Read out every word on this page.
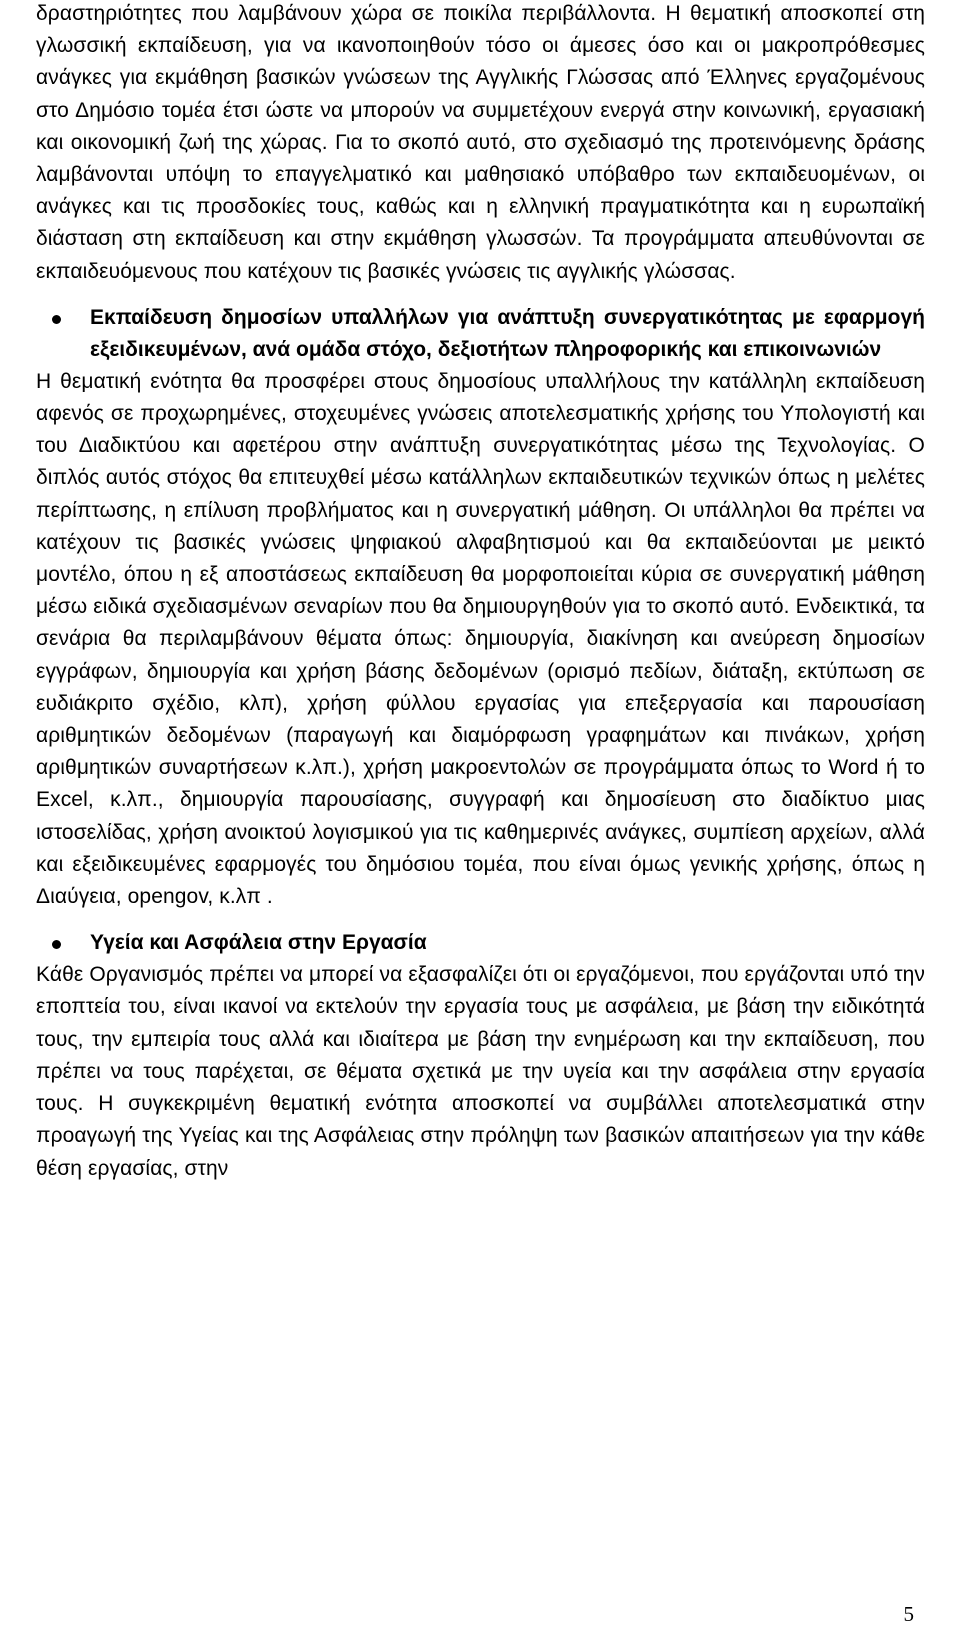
δραστηριότητες που λαμβάνουν χώρα σε ποικίλα περιβάλλοντα. Η θεματική αποσκοπεί στη γλωσσική εκπαίδευση, για να ικανοποιηθούν τόσο οι άμεσες όσο και οι μακροπρόθεσμες ανάγκες για εκμάθηση βασικών γνώσεων της Αγγλικής Γλώσσας από Έλληνες εργαζομένους στο Δημόσιο τομέα έτσι ώστε να μπορούν να συμμετέχουν ενεργά στην κοινωνική, εργασιακή και οικονομική ζωή της χώρας. Για το σκοπό αυτό, στο σχεδιασμό της προτεινόμενης δράσης λαμβάνονται υπόψη το επαγγελματικό και μαθησιακό υπόβαθρο των εκπαιδευομένων, οι ανάγκες και τις προσδοκίες τους, καθώς και η ελληνική πραγματικότητα και η ευρωπαϊκή διάσταση στη εκπαίδευση και στην εκμάθηση γλωσσών. Τα προγράμματα απευθύνονται σε εκπαιδευόμενους που κατέχουν τις βασικές γνώσεις τις αγγλικής γλώσσας.

Εκπαίδευση δημοσίων υπαλλήλων για ανάπτυξη συνεργατικότητας με εφαρμογή εξειδικευμένων, ανά ομάδα στόχο, δεξιοτήτων πληροφορικής και επικοινωνιών

Η θεματική ενότητα θα προσφέρει στους δημοσίους υπαλλήλους την κατάλληλη εκπαίδευση αφενός σε προχωρημένες, στοχευμένες γνώσεις αποτελεσματικής χρήσης του Υπολογιστή και του Διαδικτύου και αφετέρου στην ανάπτυξη συνεργατικότητας μέσω της Τεχνολογίας. Ο διπλός αυτός στόχος θα επιτευχθεί μέσω κατάλληλων εκπαιδευτικών τεχνικών όπως η μελέτες περίπτωσης, η επίλυση προβλήματος και η συνεργατική μάθηση. Οι υπάλληλοι θα πρέπει να κατέχουν τις βασικές γνώσεις ψηφιακού αλφαβητισμού και θα εκπαιδεύονται με μεικτό μοντέλο, όπου η εξ αποστάσεως εκπαίδευση θα μορφοποιείται κύρια σε συνεργατική μάθηση μέσω ειδικά σχεδιασμένων σεναρίων που θα δημιουργηθούν για το σκοπό αυτό. Ενδεικτικά, τα σενάρια θα περιλαμβάνουν θέματα όπως: δημιουργία, διακίνηση και ανεύρεση δημοσίων εγγράφων, δημιουργία και χρήση βάσης δεδομένων (ορισμό πεδίων, διάταξη, εκτύπωση σε ευδιάκριτο σχέδιο, κλπ), χρήση φύλλου εργασίας για επεξεργασία και παρουσίαση αριθμητικών δεδομένων (παραγωγή και διαμόρφωση γραφημάτων και πινάκων, χρήση αριθμητικών συναρτήσεων κ.λπ.), χρήση μακροεντολών σε προγράμματα όπως το Word ή το Excel, κ.λπ., δημιουργία παρουσίασης, συγγραφή και δημοσίευση στο διαδίκτυο μιας ιστοσελίδας, χρήση ανοικτού λογισμικού για τις καθημερινές ανάγκες, συμπίεση αρχείων, αλλά και εξειδικευμένες εφαρμογές του δημόσιου τομέα, που είναι όμως γενικής χρήσης, όπως η Διαύγεια, opengov, κ.λπ .

Υγεία και Ασφάλεια στην Εργασία

Κάθε Οργανισμός πρέπει να μπορεί να εξασφαλίζει ότι οι εργαζόμενοι, που εργάζονται υπό την εποπτεία του, είναι ικανοί να εκτελούν την εργασία τους με ασφάλεια, με βάση την ειδικότητά τους, την εμπειρία τους αλλά και ιδιαίτερα με βάση την ενημέρωση και την εκπαίδευση, που πρέπει να τους παρέχεται, σε θέματα σχετικά με την υγεία και την ασφάλεια στην εργασία τους. Η συγκεκριμένη θεματική ενότητα αποσκοπεί να συμβάλλει αποτελεσματικά στην προαγωγή της Υγείας και της Ασφάλειας στην πρόληψη των βασικών απαιτήσεων για την κάθε θέση εργασίας, στην

5
